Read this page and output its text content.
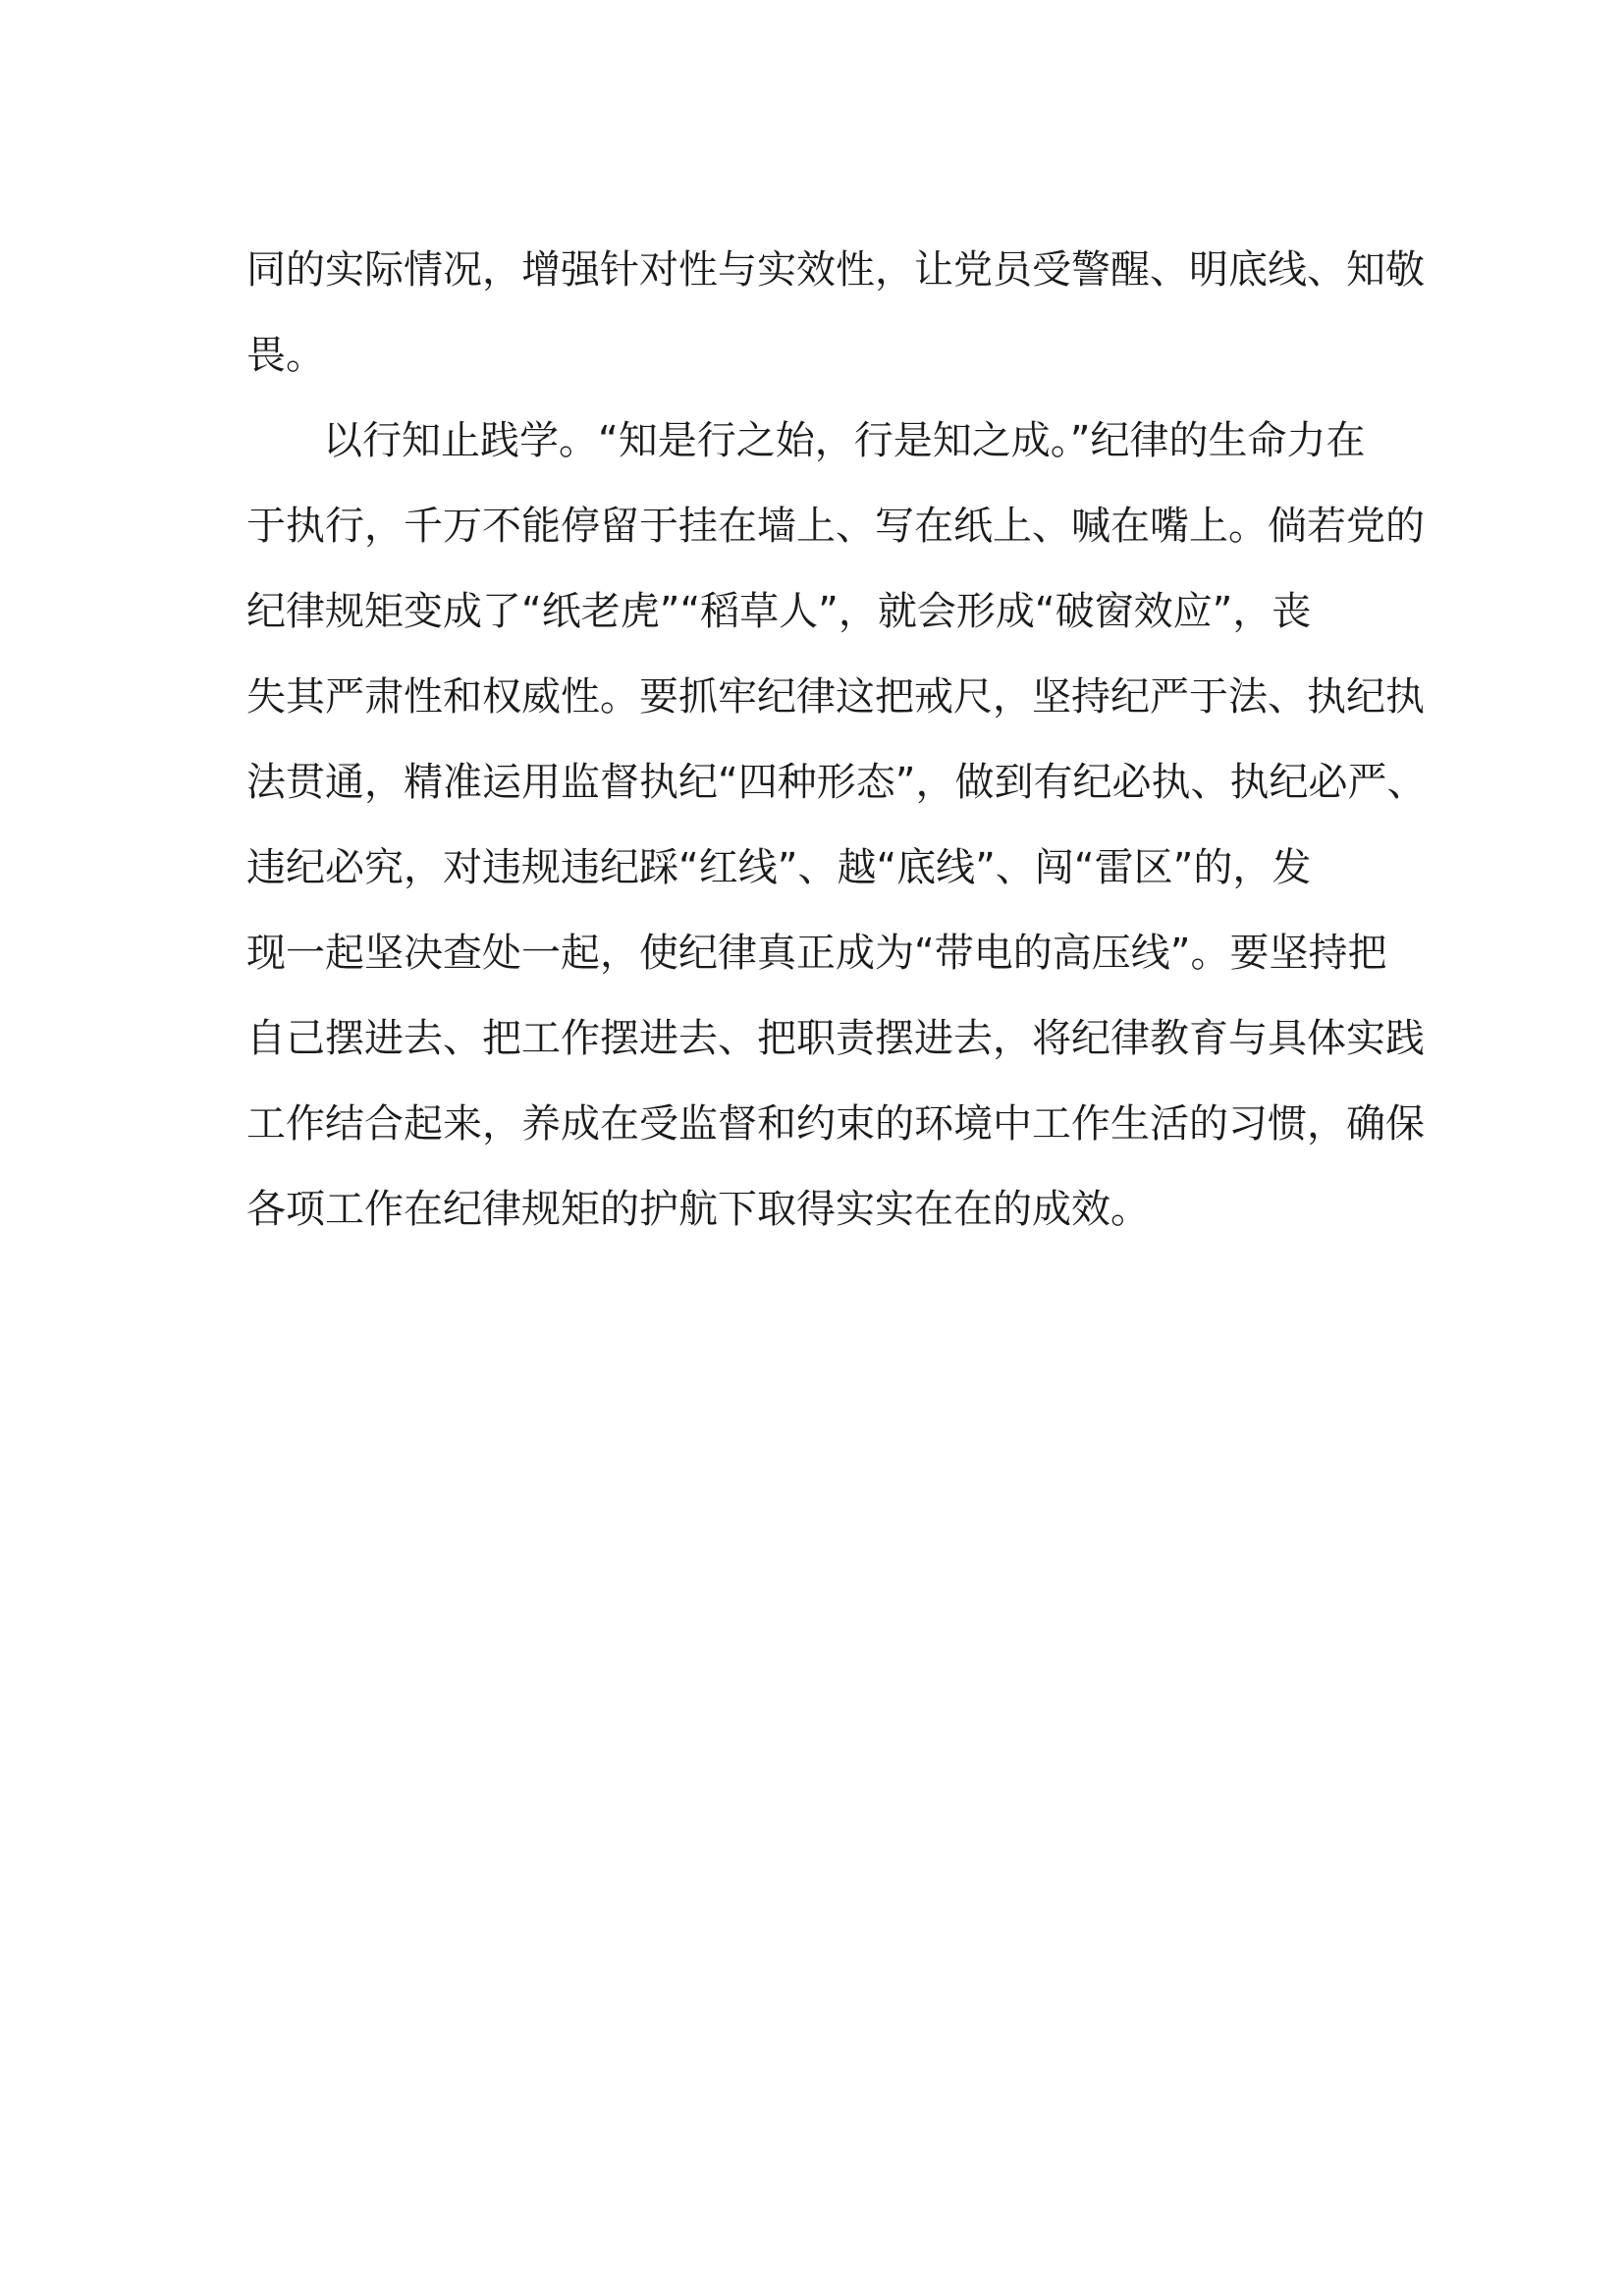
同的实际情况，增强针对性与实效性，让党员受警醒、明底线、知敬
畏。
以行知止践学。“知是行之始，行是知之成。”纪律的生命力在
于执行，千万不能停留于挂在墙上、写在纸上、喊在嘴上。倘若党的
纪律规矩变成了“纸老虎”“稻草人”，就会形成“破窗效应”，丧
失其严肃性和权威性。要抓牢纪律这把戒尺，坚持纪严于法、执纪执
法贯通，精准运用监督执纪“四种形态”，做到有纪必执、执纪必严、
违纪必究，对违规违纪踩“红线”、越“底线”、闯“雷区”的，发
现一起坚决查处一起，使纪律真正成为“带电的高压线”。要坚持把
自己摆进去、把工作摆进去、把职责摆进去，将纪律教育与具体实践
工作结合起来，养成在受监督和约束的环境中工作生活的习惯，确保
各项工作在纪律规矩的护航下取得实实在在的成效。
